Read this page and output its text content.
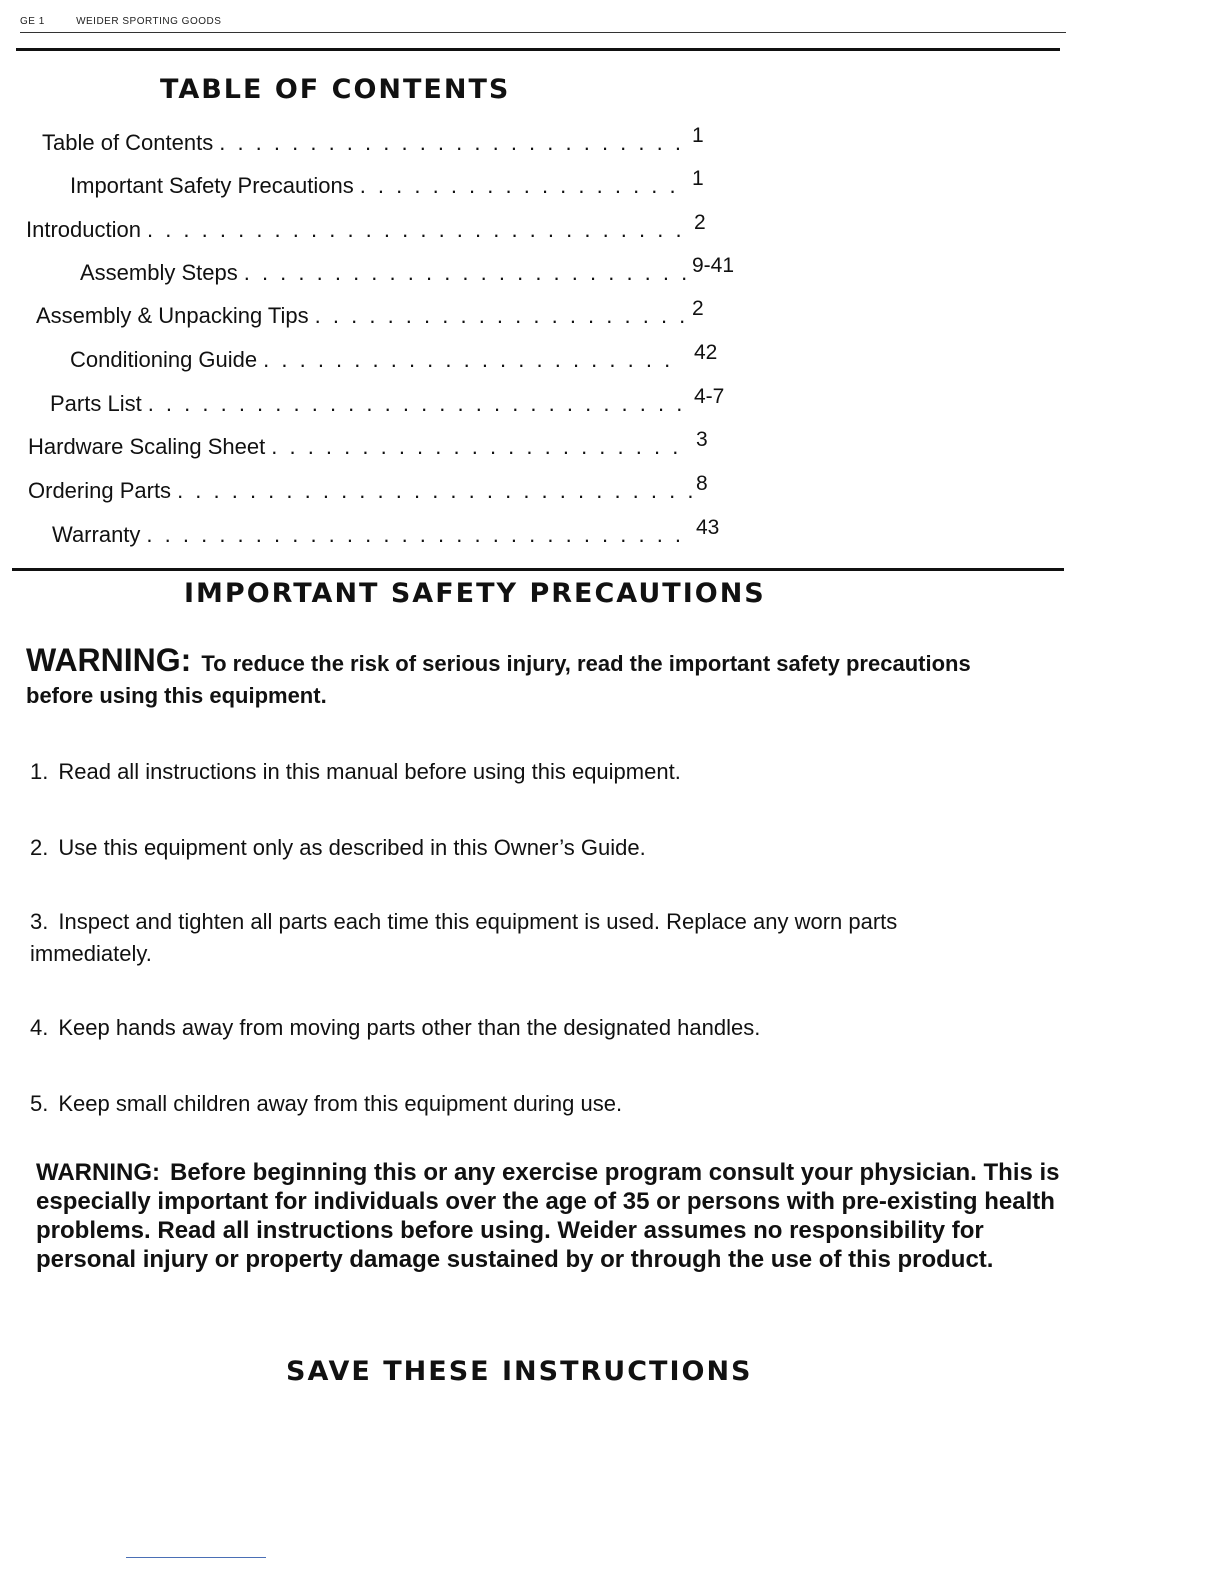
GE 1	WEIDER SPORTING GOODS
TABLE OF CONTENTS
Table of Contents . . .	1
Important Safety Precautions . . .	1
Introduction . . .	2
Assembly Steps . . .	9-41
Assembly & Unpacking Tips . . .	2
Conditioning Guide . . .	42
Parts List . . .	4-7
Hardware Scaling Sheet . . .	3
Ordering Parts . . .	8
Warranty . . .	43
IMPORTANT SAFETY PRECAUTIONS
WARNING: To reduce the risk of serious injury, read the important safety precautions before using this equipment.
1. Read all instructions in this manual before using this equipment.
2. Use this equipment only as described in this Owner’s Guide.
3. Inspect and tighten all parts each time this equipment is used. Replace any worn parts immediately.
4. Keep hands away from moving parts other than the designated handles.
5. Keep small children away from this equipment during use.
WARNING: Before beginning this or any exercise program consult your physician. This is especially important for individuals over the age of 35 or persons with pre-existing health problems. Read all instructions before using. Weider assumes no responsibility for personal injury or property damage sustained by or through the use of this product.
SAVE THESE INSTRUCTIONS
